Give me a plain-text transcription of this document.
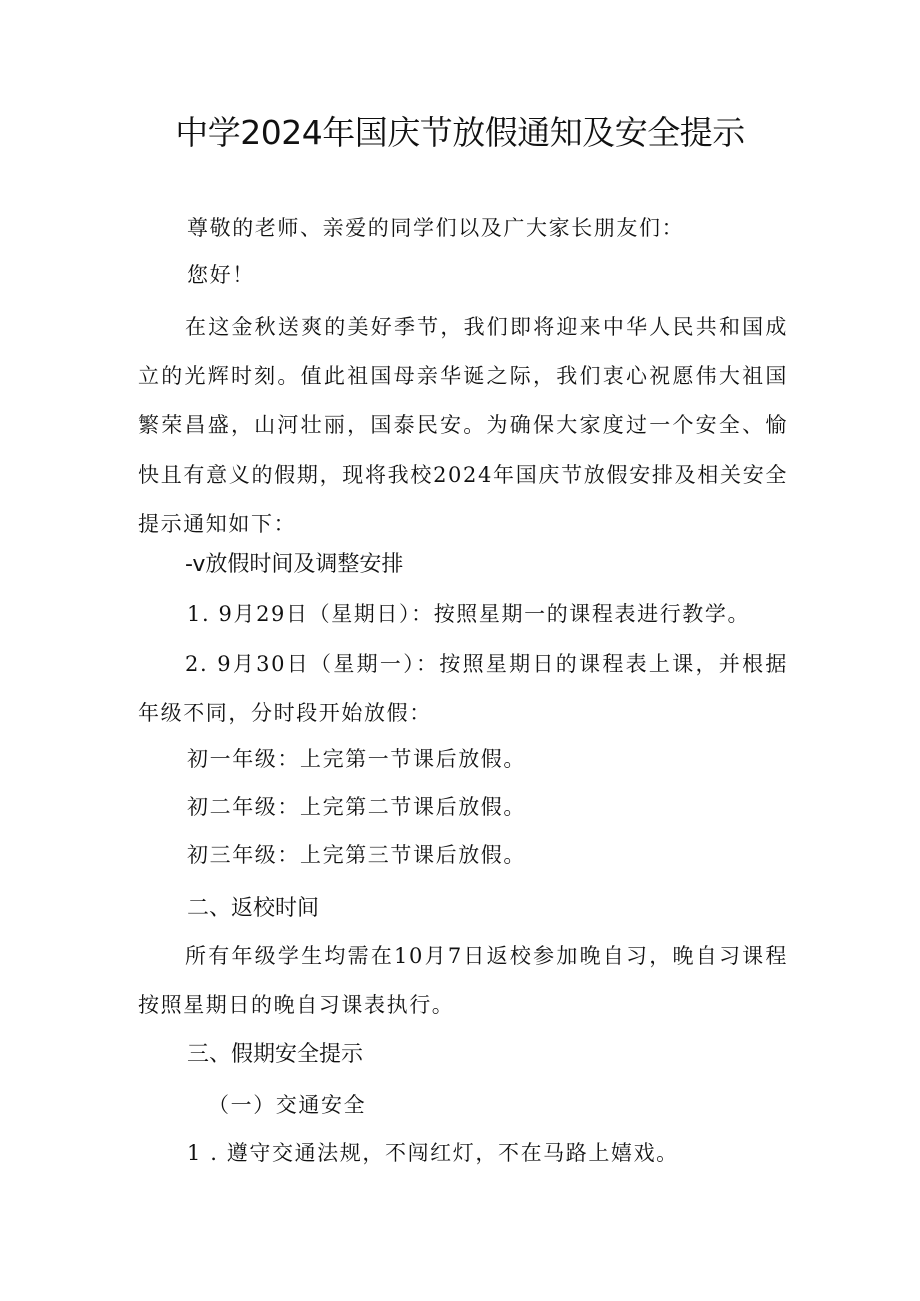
中学2024年国庆节放假通知及安全提示
尊敬的老师、亲爱的同学们以及广大家长朋友们：
您好！

在这金秋送爽的美好季节，我们即将迎来中华人民共和国成立的光辉时刻。值此祖国母亲华诞之际，我们衷心祝愿伟大祖国繁荣昌盛，山河壮丽，国泰民安。为确保大家度过一个安全、愉快且有意义的假期，现将我校2024年国庆节放假安排及相关安全提示通知如下：

-v放假时间及调整安排
1. 9月29日（星期日）：按照星期一的课程表进行教学。

2. 9月30日（星期一）：按照星期日的课程表上课，并根据年级不同，分时段开始放假：

初一年级：上完第一节课后放假。
初二年级：上完第二节课后放假。
初三年级：上完第三节课后放假。
二、返校时间

所有年级学生均需在10月7日返校参加晚自习，晚自习课程按照星期日的晚自习课表执行。

三、假期安全提示
（一）交通安全
1 . 遵守交通法规，不闯红灯，不在马路上嬉戏。
